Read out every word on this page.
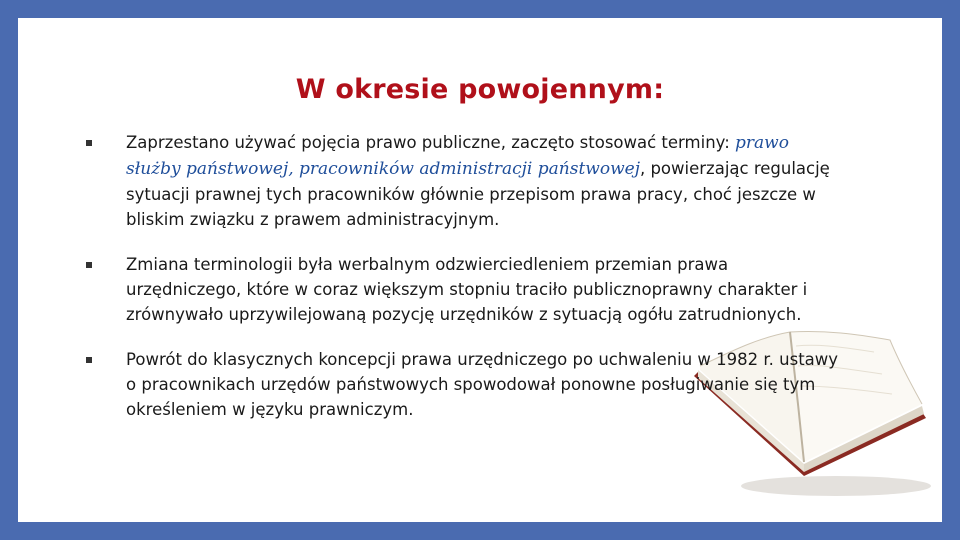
W okresie powojennym:
Zaprzestano używać pojęcia prawo publiczne, zaczęto stosować terminy: prawo służby państwowej, pracowników administracji państwowej, powierzając regulację sytuacji prawnej tych pracowników głównie przepisom prawa pracy, choć jeszcze w bliskim związku z prawem administracyjnym.
Zmiana terminologii była werbalnym odzwierciedleniem przemian prawa urzędniczego, które w coraz większym stopniu traciło publicznoprawny charakter i zrównywało uprzywilejowaną pozycję urzędników z sytuacją ogółu zatrudnionych.
Powrót do klasycznych koncepcji prawa urzędniczego po uchwaleniu w 1982 r. ustawy o pracownikach urzędów państwowych spowodował ponowne posługiwanie się tym określeniem w języku prawniczym.
